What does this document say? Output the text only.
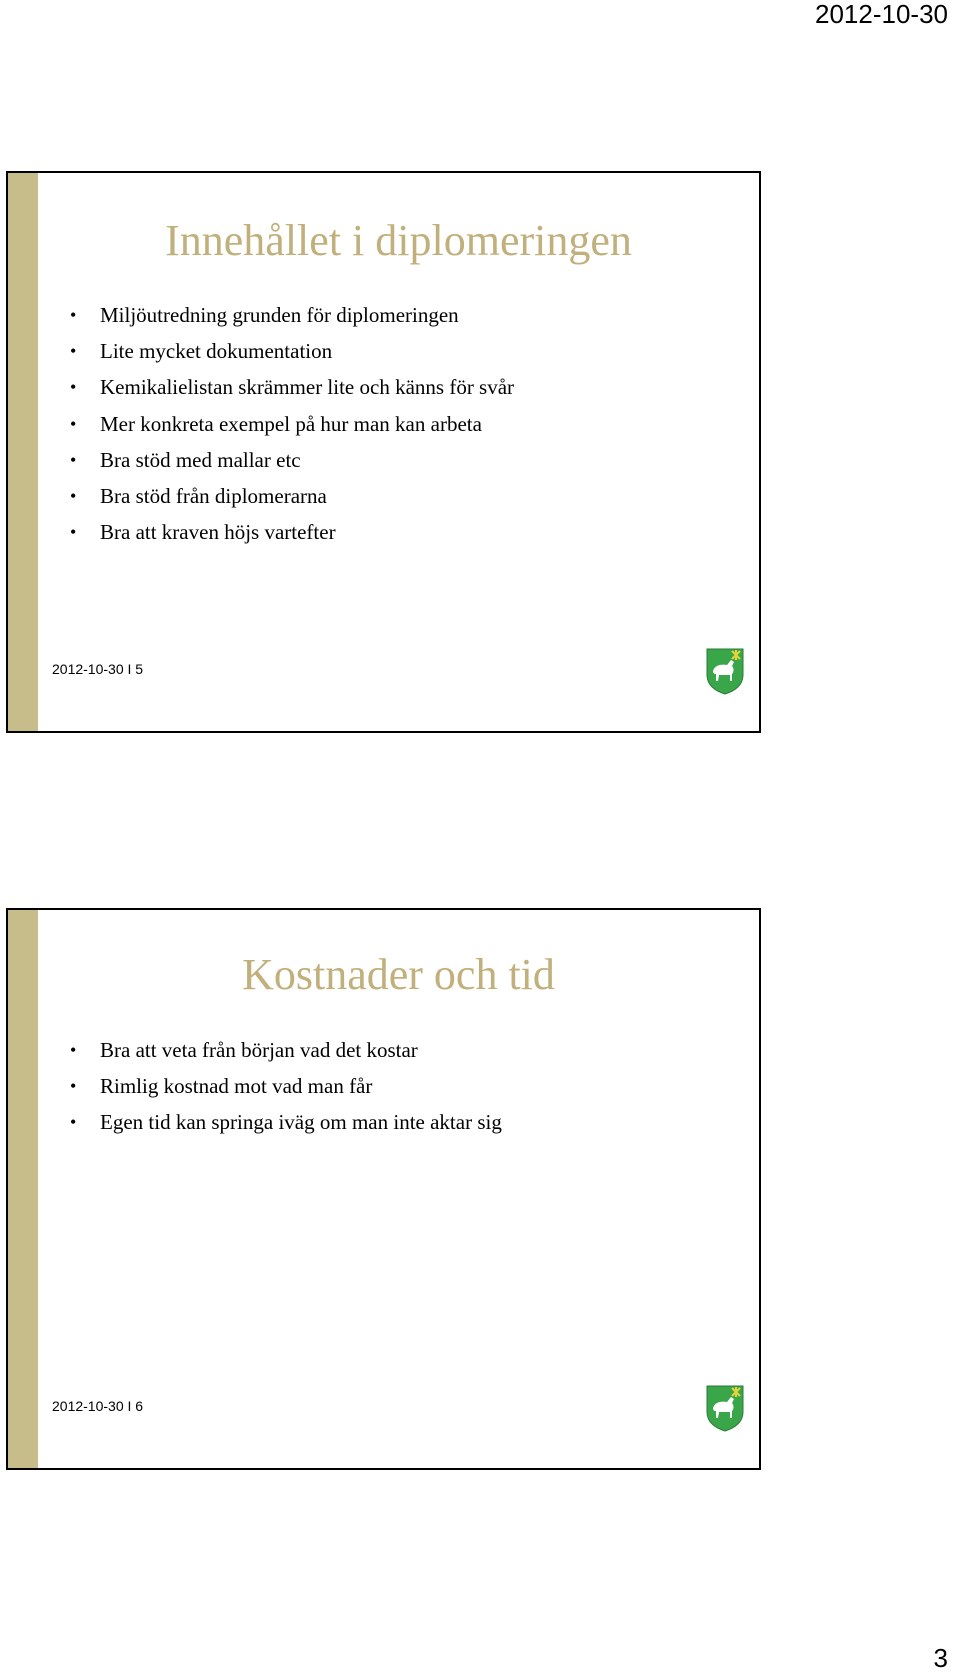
2012-10-30
Innehållet i diplomeringen
•	Miljöutredning grunden för diplomeringen
•	Lite mycket dokumentation
•	Kemikalielistan skrämmer lite och känns för svår
•	Mer konkreta exempel på hur man kan arbeta
•	Bra stöd med mallar etc
•	Bra stöd från diplomerarna
•	Bra att kraven höjs vartefter
2012-10-30 I 5
Kostnader och tid
•	Bra att veta från början vad det kostar
•	Rimlig kostnad mot vad man får
•	Egen tid kan springa iväg om man inte aktar sig
2012-10-30 I 6
3
